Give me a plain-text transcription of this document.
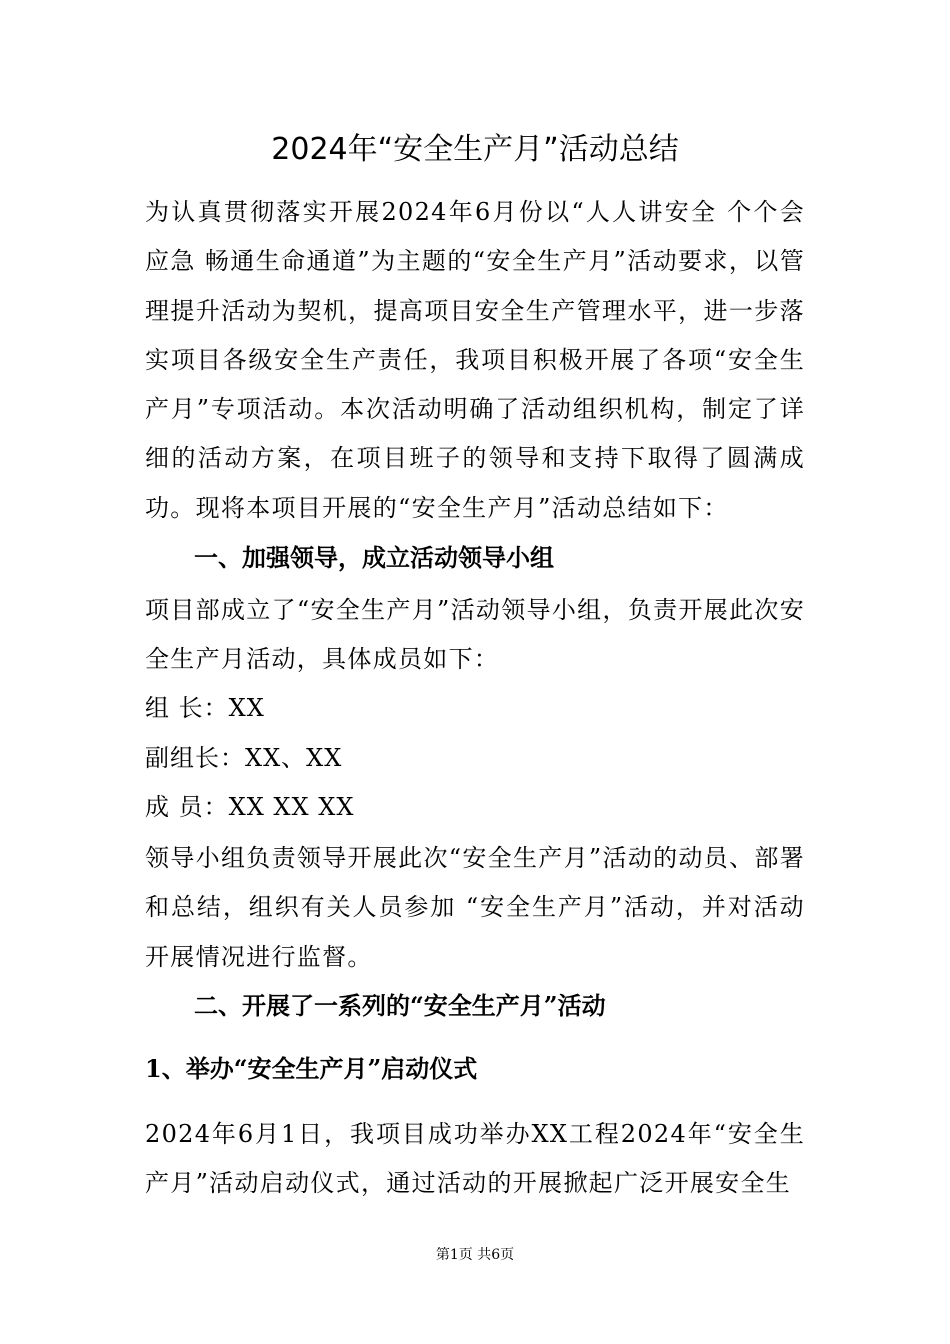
2024年“安全生产月”活动总结

为认真贯彻落实开展2024年6月份以“人人讲安全 个个会应急 畅通生命通道”为主题的“安全生产月”活动要求，以管理提升活动为契机，提高项目安全生产管理水平，进一步落实项目各级安全生产责任，我项目积极开展了各项“安全生产月”专项活动。本次活动明确了活动组织机构，制定了详细的活动方案，在项目班子的领导和支持下取得了圆满成功。现将本项目开展的“安全生产月”活动总结如下：

一、加强领导，成立活动领导小组

项目部成立了“安全生产月”活动领导小组，负责开展此次安全生产月活动，具体成员如下：

组 长：XX

副组长：XX、XX

成 员：XX XX XX

领导小组负责领导开展此次“安全生产月”活动的动员、部署和总结，组织有关人员参加 “安全生产月”活动，并对活动开展情况进行监督。

二、开展了一系列的“安全生产月”活动
1、举办“安全生产月”启动仪式

2024年6月1日，我项目成功举办XX工程2024年“安全生产月”活动启动仪式，通过活动的开展掀起广泛开展安全生

第1页 共6页
